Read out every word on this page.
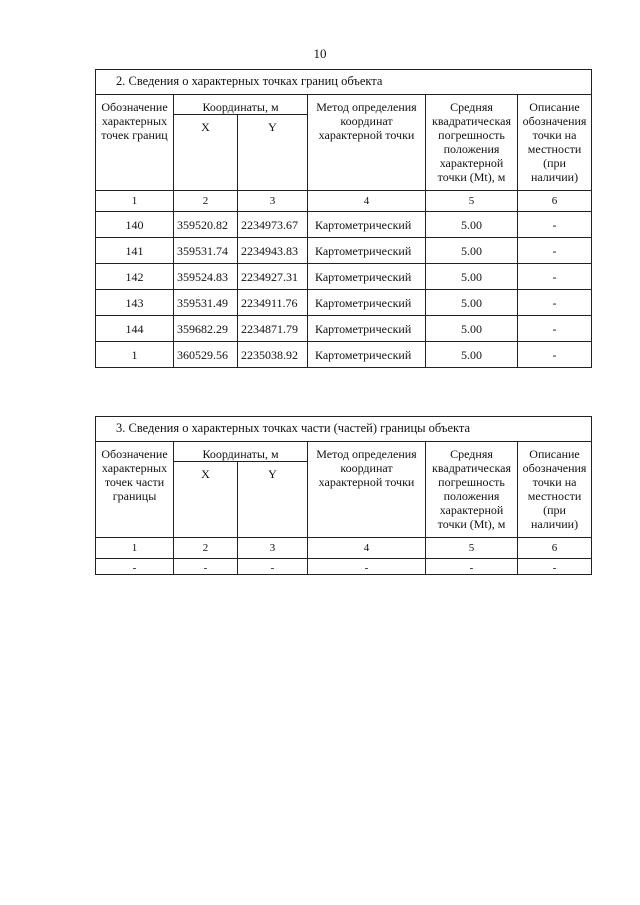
10
2. Сведения о характерных точках границ объекта					
Обозначение характерных точек границ	Координаты, м		Метод определения координат характерной точки	Средняя квадратическая погрешность положения характерной точки (Mt), м	Описание обозначения точки на местности (при наличии)
	X	Y			
1	2	3	4	5	6
140	359520.82	2234973.67	Картометрический	5.00	-
141	359531.74	2234943.83	Картометрический	5.00	-
142	359524.83	2234927.31	Картометрический	5.00	-
143	359531.49	2234911.76	Картометрический	5.00	-
144	359682.29	2234871.79	Картометрический	5.00	-
1	360529.56	2235038.92	Картометрический	5.00	-
3. Сведения о характерных точках части (частей) границы объекта					
Обозначение характерных точек части границы	Координаты, м		Метод определения координат характерной точки	Средняя квадратическая погрешность положения характерной точки (Mt), м	Описание обозначения точки на местности (при наличии)
	X	Y			
1	2	3	4	5	6
-	-	-	-	-	-
